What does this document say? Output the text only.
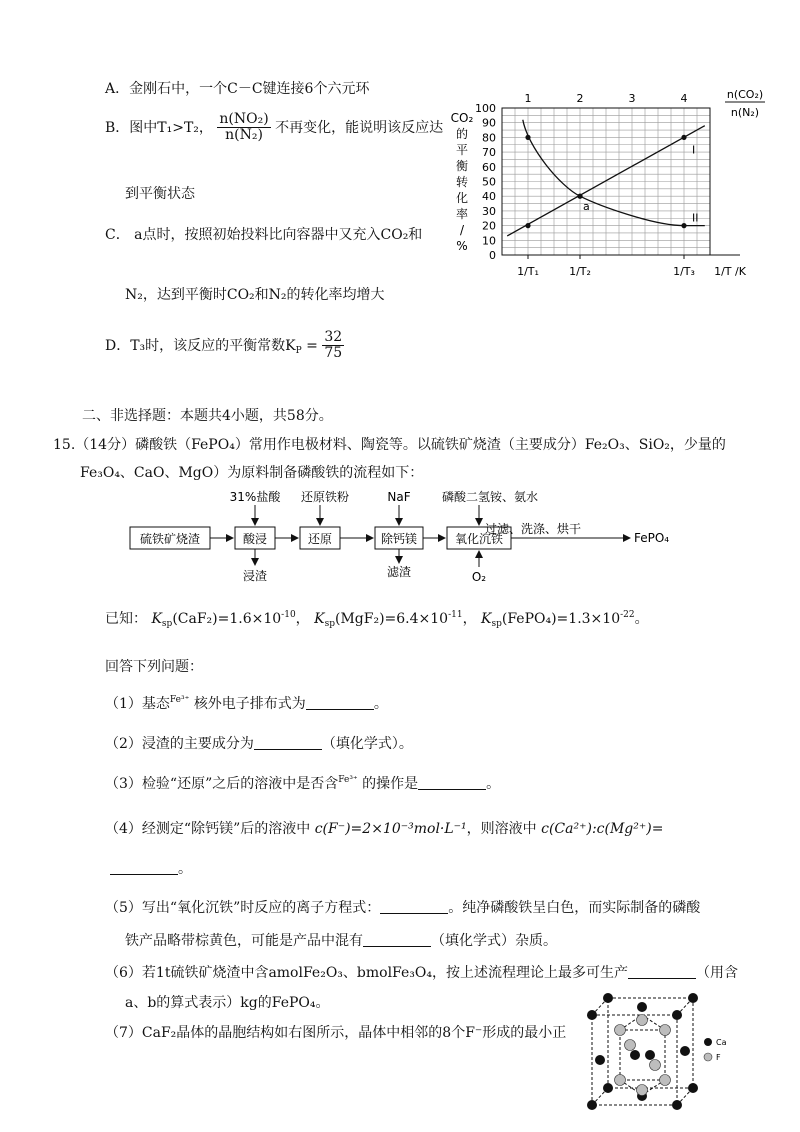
A．金刚石中，一个C－C键连接6个六元环
B．图中T₁>T₂， $\frac{\text{n(NO₂)}}{\text{n(N₂)}}$ 不再变化，能说明该反应达
到平衡状态
C． a点时，按照初始投料比向容器中又充入CO₂和
N₂，达到平衡时CO₂和N₂的转化率均增大
D．T₃时，该反应的平衡常数$K_P = \frac{32}{75}$
0
10
20
30
40
50
60
70
80
90
100
1	2	3	4	n(CO₂)
n(N₂)
CO₂
的
平
衡
转
化
率
/
%
1/T₁	1/T₂	1/T₃ 1/T /K
I
II
a
二、非选择题：本题共4小题，共58分。
15.（14分）磷酸铁（FePO₄）常用作电极材料、陶瓷等。以硫铁矿烧渣（主要成分）Fe₂O₃、SiO₂，少量的
Fe₃O₄、CaO、MgO）为原料制备磷酸铁的流程如下：
硫铁矿烧渣	酸浸	还原	除钙镁	氧化沉铁
31%盐酸 还原铁粉	NaF	磷酸二氢铵、氨水
浸渣	滤渣	O₂
过滤、洗涤、烘干
FePO₄
已知： $K_{sp}(CaF_2)=1.6\times 10^{-10}$， $K_{sp}(MgF_2)=6.4\times 10^{-11}$， $K_{sp}(FePO_4)=1.3\times 10^{-22}$。
回答下列问题：
（1）基态$^{Fe^{3+}}$ 核外电子排布式为	。
（2）浸渣的主要成分为	（填化学式）。
（3）检验“还原”之后的溶液中是否含$^{Fe^{3+}}$ 的操作是	。
（4）经测定“除钙镁”后的溶液中 c(F⁻)=2×10⁻³mol·L⁻¹，则溶液中 c(Ca²⁺):c(Mg²⁺)=
。
（5）写出“氧化沉铁”时反应的离子方程式：	。纯净磷酸铁呈白色，而实际制备的磷酸
铁产品略带棕黄色，可能是产品中混有	（填化学式）杂质。
（6）若1t硫铁矿烧渣中含amolFe₂O₃、bmolFe₃O₄，按上述流程理论上最多可生产	（用含
a、b的算式表示）kg的FePO₄。
（7）CaF₂晶体的晶胞结构如右图所示，晶体中相邻的8个F⁻形成的最小正
Ca
F
